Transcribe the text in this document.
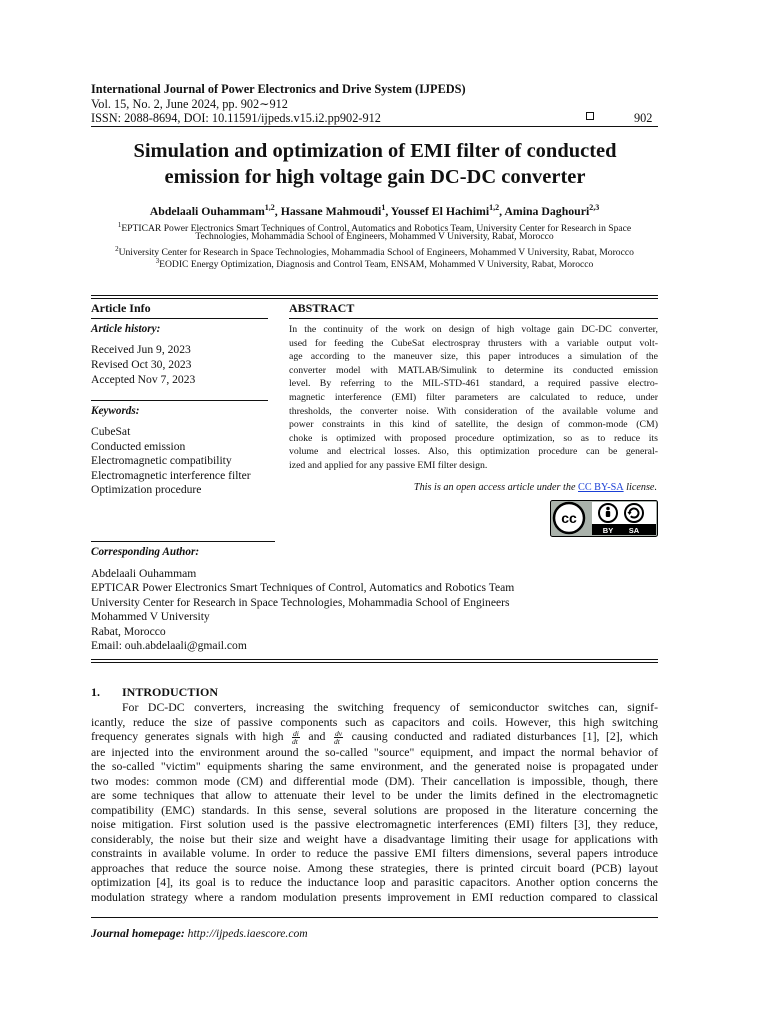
International Journal of Power Electronics and Drive System (IJPEDS)
Vol. 15, No. 2, June 2024, pp. 902∼912
ISSN: 2088-8694, DOI: 10.11591/ijpeds.v15.i2.pp902-912	902
Simulation and optimization of EMI filter of conducted
emission for high voltage gain DC-DC converter
Abdelaali Ouhammam$^{1,2}$, Hassane Mahmoudi$^1$, Youssef El Hachimi$^{1,2}$, Amina Daghouri$^{2,3}$
$^1$EPTICAR Power Electronics Smart Techniques of Control, Automatics and Robotics Team, University Center for Research in Space
Technologies, Mohammadia School of Engineers, Mohammed V University, Rabat, Morocco
$^2$University Center for Research in Space Technologies, Mohammadia School of Engineers, Mohammed V University, Rabat, Morocco
$^3$EODIC Energy Optimization, Diagnosis and Control Team, ENSAM, Mohammed V University, Rabat, Morocco
Article Info
Article history:
Received Jun 9, 2023
Revised Oct 30, 2023
Accepted Nov 7, 2023
Keywords:
CubeSat
Conducted emission
Electromagnetic compatibility
Electromagnetic interference filter
Optimization procedure
ABSTRACT
In the continuity of the work on design of high voltage gain DC-DC converter,
used for feeding the CubeSat electrospray thrusters with a variable output volt-
age according to the maneuver size, this paper introduces a simulation of the
converter model with MATLAB/Simulink to determine its conducted emission
level. By referring to the MIL-STD-461 standard, a required passive electro-
magnetic interference (EMI) filter parameters are calculated to reduce, under
thresholds, the converter noise. With consideration of the available volume and
power constraints in this kind of satellite, the design of common-mode (CM)
choke is optimized with proposed procedure optimization, so as to reduce its
volume and electrical losses. Also, this optimization procedure can be general-
ized and applied for any passive EMI filter design.
This is an open access article under the CC BY-SA license.
cc
BY SA
Corresponding Author:
Abdelaali Ouhammam
EPTICAR Power Electronics Smart Techniques of Control, Automatics and Robotics Team
University Center for Research in Space Technologies, Mohammadia School of Engineers
Mohammed V University
Rabat, Morocco
Email: ouh.abdelaali@gmail.com
1. INTRODUCTION
For DC-DC converters, increasing the switching frequency of semiconductor switches can, signif-
icantly, reduce the size of passive components such as capacitors and coils. However, this high switching
frequency generates signals with high $\frac{di}{dt}$ and $\frac{dv}{dt}$ causing conducted and radiated disturbances [1], [2], which
are injected into the environment around the so-called "source" equipment, and impact the normal behavior of
the so-called "victim" equipments sharing the same environment, and the generated noise is propagated under
two modes: common mode (CM) and differential mode (DM). Their cancellation is impossible, though, there
are some techniques that allow to attenuate their level to be under the limits defined in the electromagnetic
compatibility (EMC) standards. In this sense, several solutions are proposed in the literature concerning the
noise mitigation. First solution used is the passive electromagnetic interferences (EMI) filters [3], they reduce,
considerably, the noise but their size and weight have a disadvantage limiting their usage for applications with
constraints in available volume. In order to reduce the passive EMI filters dimensions, several papers introduce
approaches that reduce the source noise. Among these strategies, there is printed circuit board (PCB) layout
optimization [4], its goal is to reduce the inductance loop and parasitic capacitors. Another option concerns the
modulation strategy where a random modulation presents improvement in EMI reduction compared to classical
Journal homepage: http://ijpeds.iaescore.com
